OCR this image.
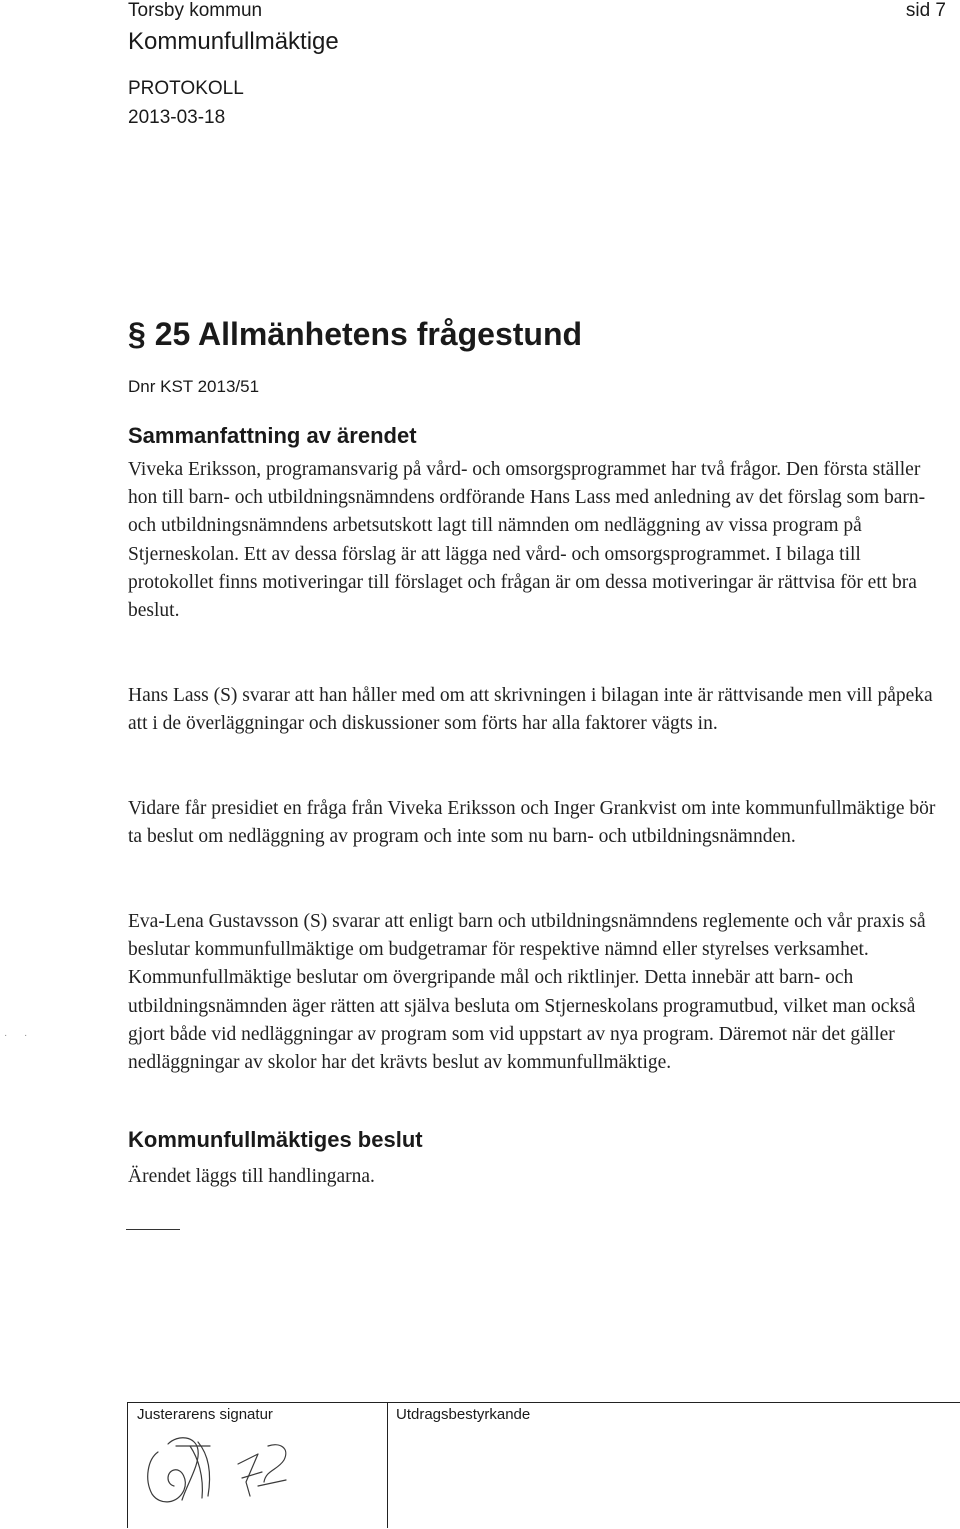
Torsby kommun
Kommunfullmäktige
PROTOKOLL
2013-03-18
sid 7
§ 25 Allmänhetens frågestund
Dnr KST 2013/51
Sammanfattning av ärendet
Viveka Eriksson, programansvarig på vård- och omsorgsprogrammet har två frågor. Den första ställer hon till barn- och utbildningsnämndens ordförande Hans Lass med anledning av det förslag som barn- och utbildningsnämndens arbetsutskott lagt till nämnden om nedläggning av vissa program på Stjerneskolan. Ett av dessa förslag är att lägga ned vård- och omsorgsprogrammet. I bilaga till protokollet finns motiveringar till förslaget och frågan är om dessa motiveringar är rättvisa för ett bra beslut.
Hans Lass (S) svarar att han håller med om att skrivningen i bilagan inte är rättvisande men vill påpeka att i de överläggningar och diskussioner som förts har alla faktorer vägts in.
Vidare får presidiet en fråga från Viveka Eriksson och Inger Grankvist om inte kommunfullmäktige bör ta beslut om nedläggning av program och inte som nu barn- och utbildningsnämnden.
Eva-Lena Gustavsson (S) svarar att enligt barn och utbildningsnämndens reglemente och vår praxis så beslutar kommunfullmäktige om budgetramar för respektive nämnd eller styrelses verksamhet. Kommunfullmäktige beslutar om övergripande mål och riktlinjer. Detta innebär att barn- och utbildningsnämnden äger rätten att själva besluta om Stjerneskolans programutbud, vilket man också gjort både vid nedläggningar av program som vid uppstart av nya program. Däremot när det gäller nedläggningar av skolor har det krävts beslut av kommunfullmäktige.
Kommunfullmäktiges beslut
Ärendet läggs till handlingarna.
·      ·
Justerarens signatur	Utdragsbestyrkande
